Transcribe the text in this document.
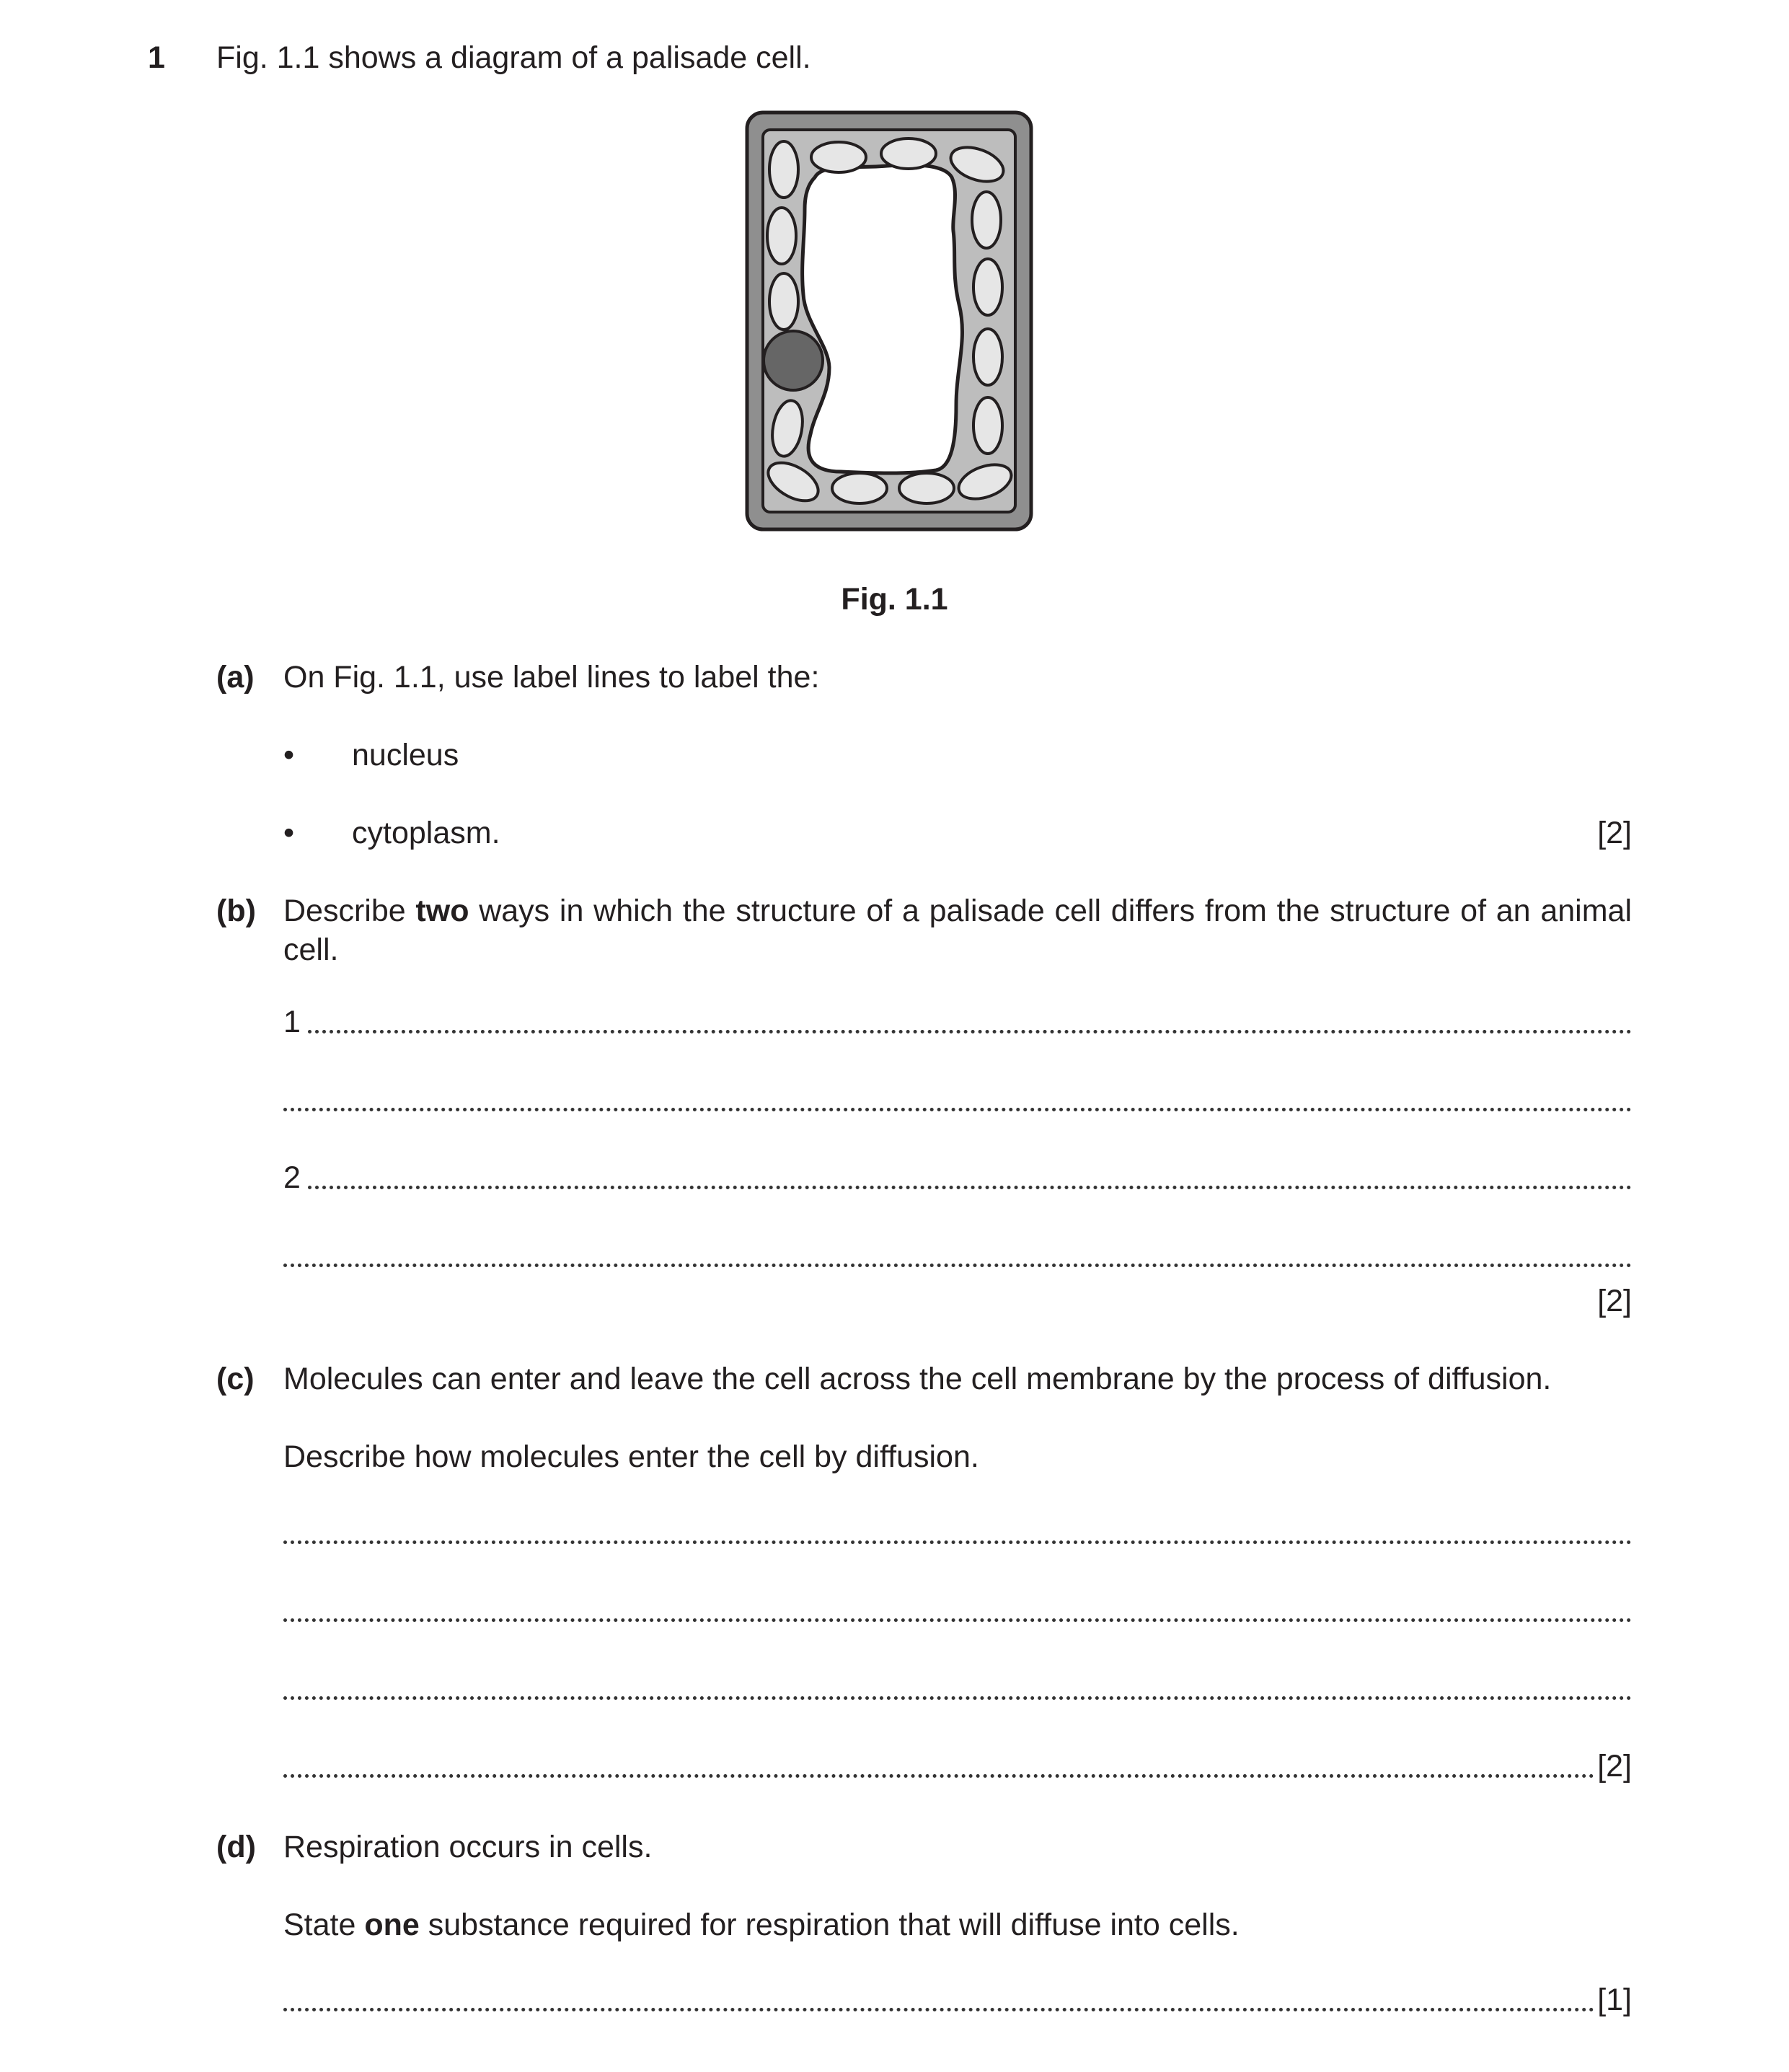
1 Fig. 1.1 shows a diagram of a palisade cell.
Fig. 1.1
(a) On Fig. 1.1, use label lines to label the:
• nucleus
• cytoplasm.	[2]
(b) Describe two ways in which the structure of a palisade cell differs from the structure of an animal cell.
1
2
[2]
(c) Molecules can enter and leave the cell across the cell membrane by the process of diffusion.
Describe how molecules enter the cell by diffusion.
[2]
(d) Respiration occurs in cells.
State one substance required for respiration that will diffuse into cells.
[1]
